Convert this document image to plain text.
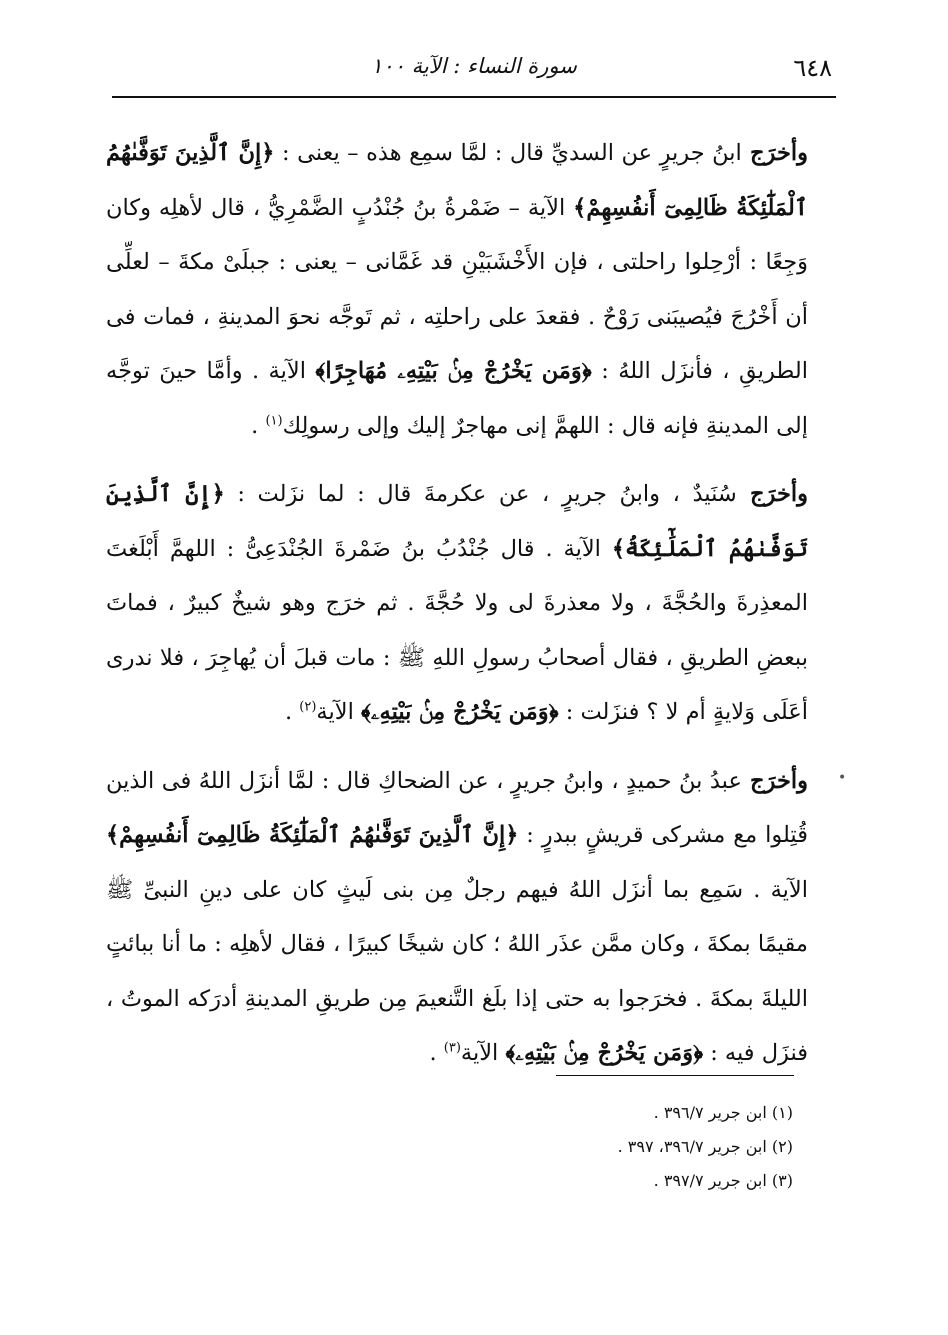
٦٤٨
سورة النساء : الآية ١٠٠

وأخرَج ابنُ جريرٍ عن السديِّ قال : لمَّا سمِع هذه – يعنى : ﴿إِنَّ ٱلَّذِينَ تَوَفَّىٰهُمُ ٱلْمَلَٰٓئِكَةُ ظَالِمِىٓ أَنفُسِهِمْ﴾ الآية – ضَمْرةُ بنُ جُنْدُبٍ الضَّمْرِيُّ ، قال لأهلِه وكان وَجِعًا : أرْحِلوا راحلتى ، فإن الأَخْشَبَيْنِ قد غَمَّانى – يعنى : جبلَىْ مكةَ – لعلِّى أن أَخْرُجَ فيُصيبَنى رَوْحٌ . فقعدَ على راحلتِه ، ثم تَوجَّه نحوَ المدينةِ ، فمات فى الطريقِ ، فأنزَل اللهُ : ﴿وَمَن يَخْرُجْ مِنۢ بَيْتِهِۦ مُهَاجِرًا﴾ الآية . وأمَّا حينَ توجَّه إلى المدينةِ فإنه قال : اللهمَّ إنى مهاجرٌ إليك وإلى رسولِك$^{(١)}$ .

وأخرَج سُنَيدٌ ، وابنُ جريرٍ ، عن عكرمةَ قال : لما نزَلت : ﴿إِنَّ ٱلَّذِينَ تَوَفَّىٰهُمُ ٱلْمَلَٰٓئِكَةُ﴾ الآية . قال جُنْدُبُ بنُ ضَمْرةَ الجُنْدَعِىُّ : اللهمَّ أَبْلَغتَ المعذِرةَ والحُجَّةَ ، ولا معذرةَ لى ولا حُجَّةَ . ثم خرَج وهو شيخٌ كبيرٌ ، فماتَ ببعضِ الطريقِ ، فقال أصحابُ رسولِ اللهِ ﷺ : مات قبلَ أن يُهاجِرَ ، فلا ندرى أعَلَى وَلايةٍ أم لا ؟ فنزَلت : ﴿وَمَن يَخْرُجْ مِنۢ بَيْتِهِۦ﴾ الآية$^{(٢)}$ .

وأخرَج عبدُ بنُ حميدٍ ، وابنُ جريرٍ ، عن الضحاكِ قال : لمَّا أنزَل اللهُ فى الذين قُتِلوا مع مشركى قريشٍ ببدرٍ : ﴿إِنَّ ٱلَّذِينَ تَوَفَّىٰهُمُ ٱلْمَلَٰٓئِكَةُ ظَالِمِىٓ أَنفُسِهِمْ﴾ الآية . سَمِع بما أنزَل اللهُ فيهم رجلٌ مِن بنى لَيثٍ كان على دينِ النبىِّ ﷺ مقيمًا بمكةَ ، وكان ممَّن عذَر اللهُ ؛ كان شيخًا كبيرًا ، فقال لأهلِه : ما أنا ببائتٍ الليلةَ بمكةَ . فخرَجوا به حتى إذا بلَغ التَّنعيمَ مِن طريقِ المدينةِ أدرَكه الموتُ ، فنزَل فيه : ﴿وَمَن يَخْرُجْ مِنۢ بَيْتِهِۦ﴾ الآية$^{(٣)}$ .

•
(١) ابن جرير ٣٩٦/٧ .
(٢) ابن جرير ٣٩٦/٧، ٣٩٧ .
(٣) ابن جرير ٣٩٧/٧ .
